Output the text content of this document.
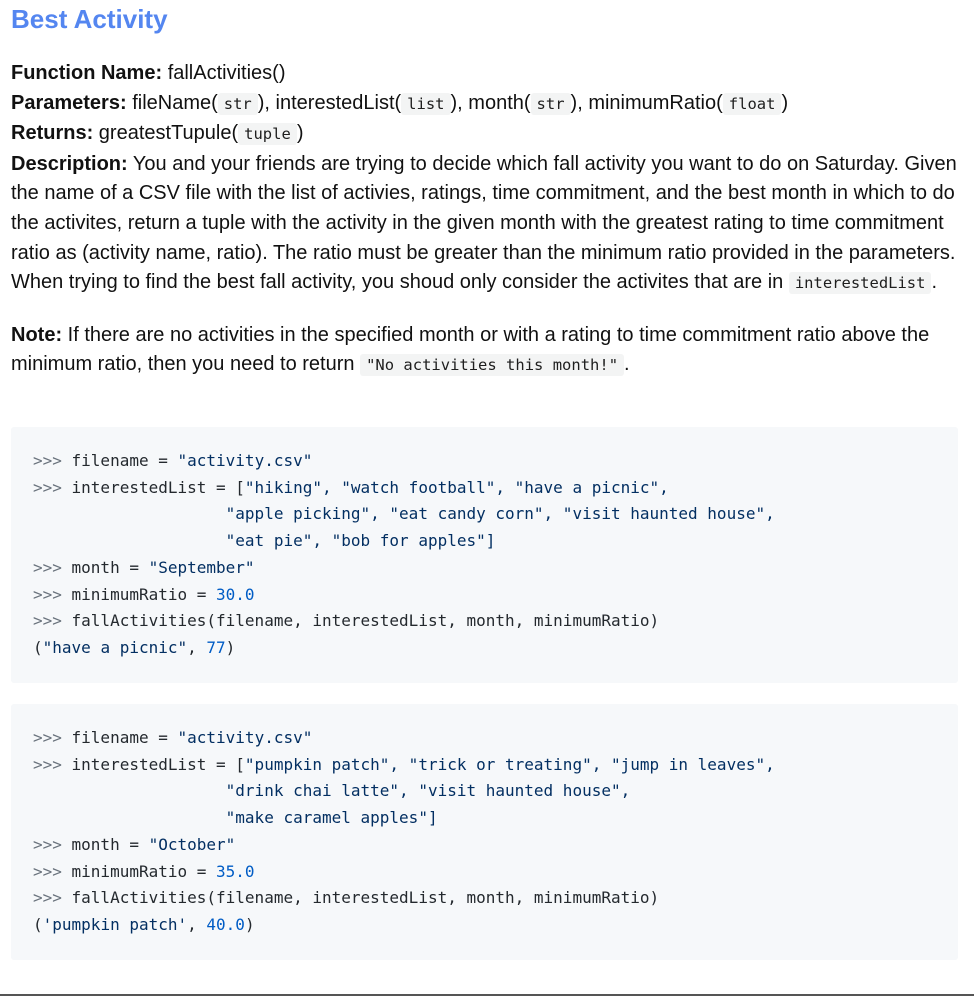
Best Activity

Function Name: fallActivities()

Parameters: fileName( str ), interestedList( list ), month( str ), minimumRatio( float )

Returns: greatestTupule( tuple )

Description: You and your friends are trying to decide which fall activity you want to do on Saturday. Given the name of a CSV file with the list of activies, ratings, time commitment, and the best month in which to do the activites, return a tuple with the activity in the given month with the greatest rating to time commitment ratio as (activity name, ratio). The ratio must be greater than the minimum ratio provided in the parameters. When trying to find the best fall activity, you shoud only consider the activites that are in interestedList .

Note: If there are no activities in the specified month or with a rating to time commitment ratio above the minimum ratio, then you need to return "No activities this month!" .

>>> filename = "activity.csv"
>>> interestedList = ["hiking", "watch football", "have a picnic",
"apple picking", "eat candy corn", "visit haunted house",
"eat pie", "bob for apples"]
>>> month = "September"
>>> minimumRatio = 30.0
>>> fallActivities(filename, interestedList, month, minimumRatio)
("have a picnic", 77)
>>> filename = "activity.csv"
>>> interestedList = ["pumpkin patch", "trick or treating", "jump in leaves",
"drink chai latte", "visit haunted house",
"make caramel apples"]
>>> month = "October"
>>> minimumRatio = 35.0
>>> fallActivities(filename, interestedList, month, minimumRatio)
('pumpkin patch', 40.0)
